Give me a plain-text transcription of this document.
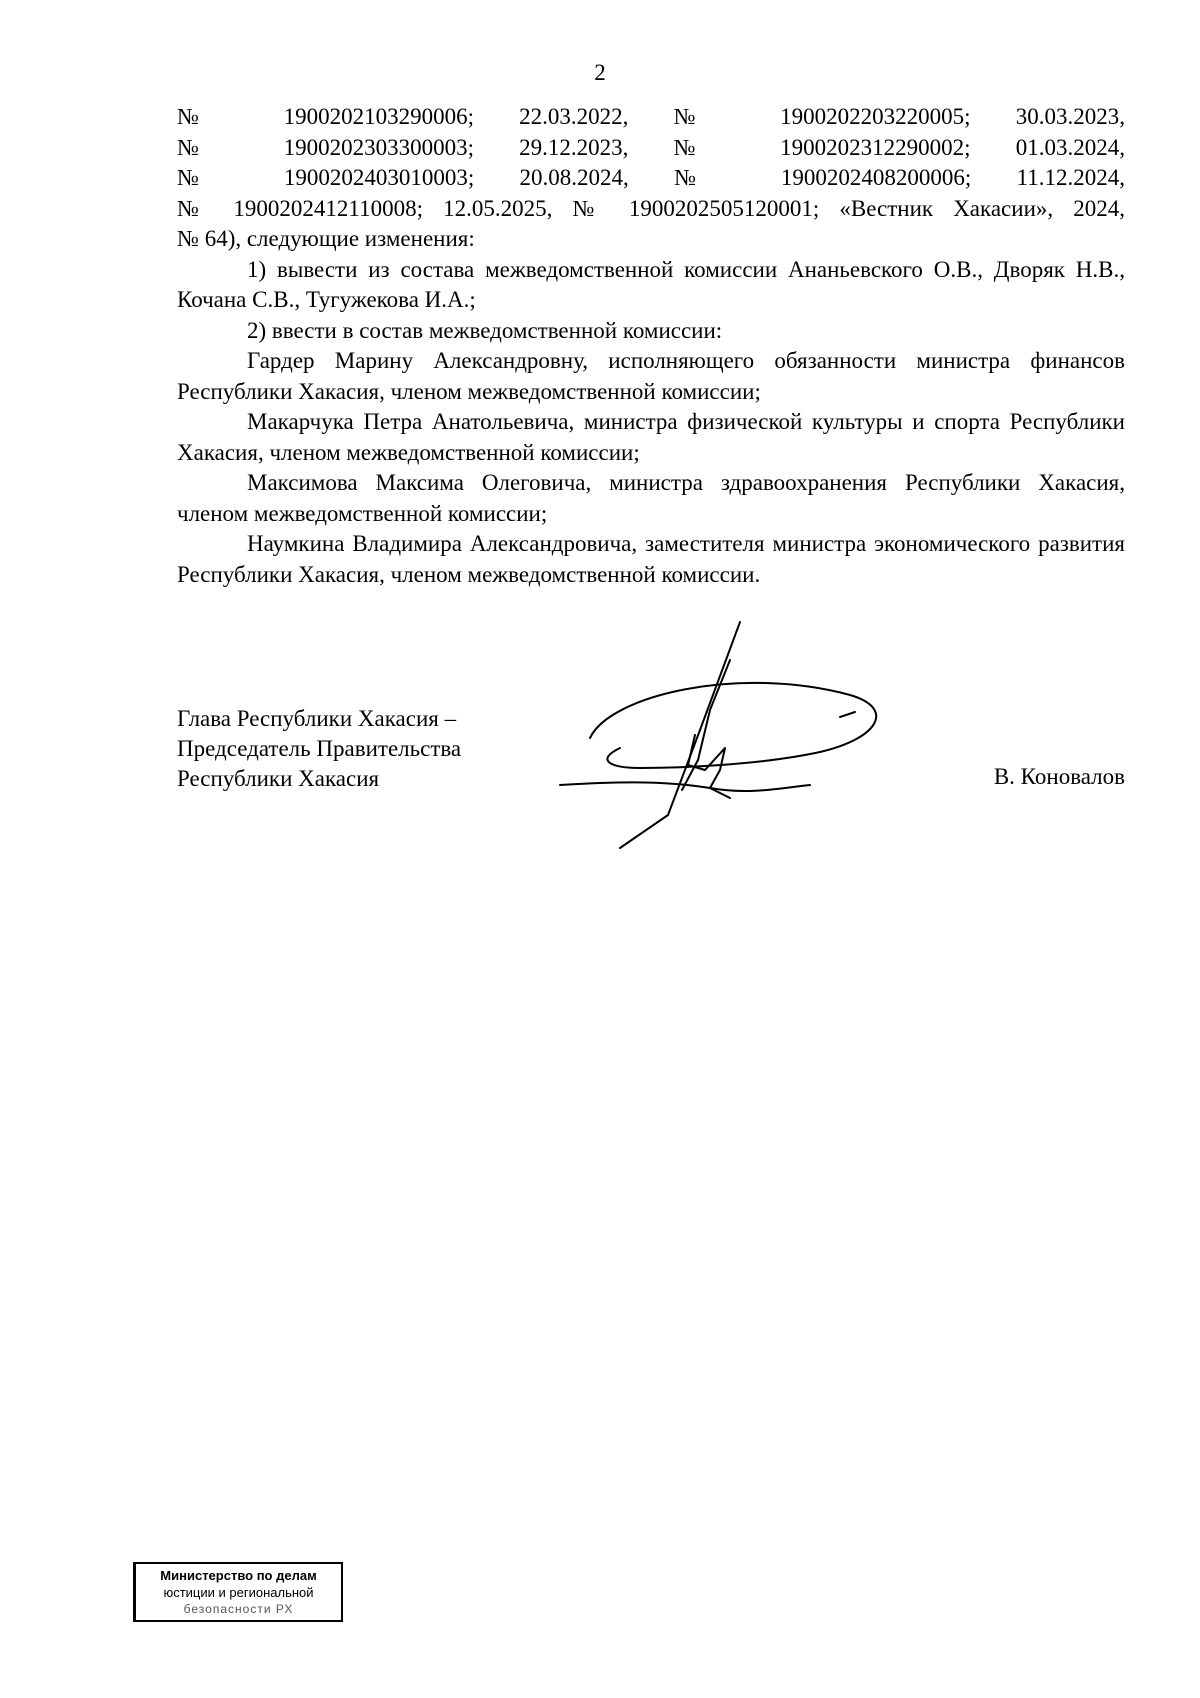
2
№ 1900202103290006; 22.03.2022, № 1900202203220005; 30.03.2023,
№ 1900202303300003; 29.12.2023, № 1900202312290002; 01.03.2024,
№ 1900202403010003; 20.08.2024, № 1900202408200006; 11.12.2024,
№ 1900202412110008; 12.05.2025, № 1900202505120001; «Вестник Хакасии», 2024,

№ 64), следующие изменения:

1) вывести из состава межведомственной комиссии Ананьевского О.В., Дворяк Н.В., Кочана С.В., Тугужекова И.А.;

2) ввести в состав межведомственной комиссии:

Гардер Марину Александровну, исполняющего обязанности министра финансов Республики Хакасия, членом межведомственной комиссии;

Макарчука Петра Анатольевича, министра физической культуры и спорта Республики Хакасия, членом межведомственной комиссии;

Максимова Максима Олеговича, министра здравоохранения Республики Хакасия, членом межведомственной комиссии;

Наумкина Владимира Александровича, заместителя министра экономического развития Республики Хакасия, членом межведомственной комиссии.

Глава Республики Хакасия –
Председатель Правительства
Республики Хакасия	В. Коновалов
Министерство по делам
юстиции и региональной
безопасности РХ
